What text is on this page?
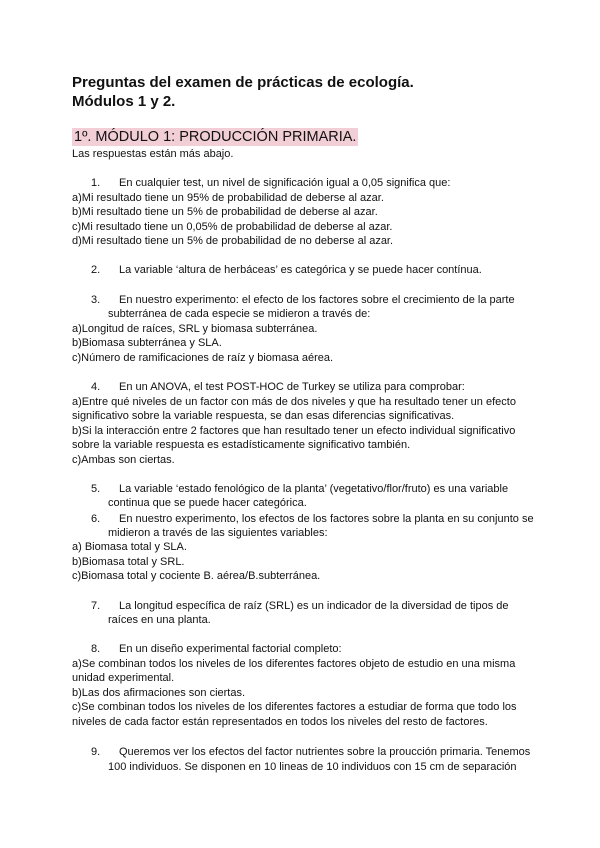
Preguntas del examen de prácticas de ecología.
Módulos 1 y 2.
1º. MÓDULO 1: PRODUCCIÓN PRIMARIA.
Las respuestas están más abajo.
1. En cualquier test, un nivel de significación igual a 0,05 significa que:
a)Mi resultado tiene un 95% de probabilidad de deberse al azar.
b)Mi resultado tiene un 5% de probabilidad de deberse al azar.
c)Mi resultado tiene un 0,05% de probabilidad de deberse al azar.
d)Mi resultado tiene un 5% de probabilidad de no deberse al azar.
2. La variable ‘altura de herbáceas’ es categórica y se puede hacer contínua.
3. En nuestro experimento: el efecto de los factores sobre el crecimiento de la parte
subterránea de cada especie se midieron a través de:
a)Longitud de raíces, SRL y biomasa subterránea.
b)Biomasa subterránea y SLA.
c)Número de ramificaciones de raíz y biomasa aérea.
4. En un ANOVA, el test POST-HOC de Turkey se utiliza para comprobar:
a)Entre qué niveles de un factor con más de dos niveles y que ha resultado tener un efecto
significativo sobre la variable respuesta, se dan esas diferencias significativas.
b)Si la interacción entre 2 factores que han resultado tener un efecto individual significativo
sobre la variable respuesta es estadísticamente significativo también.
c)Ambas son ciertas.
5. La variable ‘estado fenológico de la planta’ (vegetativo/flor/fruto) es una variable
continua que se puede hacer categórica.
6. En nuestro experimento, los efectos de los factores sobre la planta en su conjunto se
midieron a través de las siguientes variables:
a) Biomasa total y SLA.
b)Biomasa total y SRL.
c)Biomasa total y cociente B. aérea/B.subterránea.
7. La longitud específica de raíz (SRL) es un indicador de la diversidad de tipos de
raíces en una planta.
8. En un diseño experimental factorial completo:
a)Se combinan todos los niveles de los diferentes factores objeto de estudio en una misma
unidad experimental.
b)Las dos afirmaciones son ciertas.
c)Se combinan todos los niveles de los diferentes factores a estudiar de forma que todo los
niveles de cada factor están representados en todos los niveles del resto de factores.
9. Queremos ver los efectos del factor nutrientes sobre la proucción primaria. Tenemos
100 individuos. Se disponen en 10 lineas de 10 individuos con 15 cm de separación
